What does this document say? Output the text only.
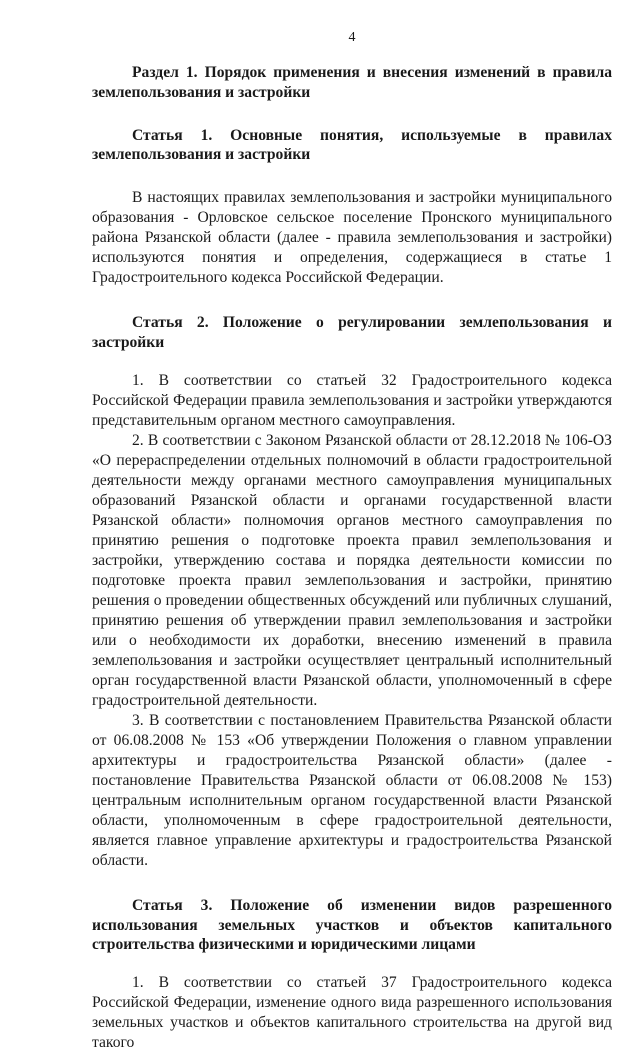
4

Раздел 1. Порядок применения и внесения изменений в правила землепользования и застройки

Статья 1. Основные понятия, используемые в правилах землепользования и застройки

В настоящих правилах землепользования и застройки муниципального образования - Орловское сельское поселение Пронского муниципального района Рязанской области (далее - правила землепользования и застройки) используются понятия и определения, содержащиеся в статье 1 Градостроительного кодекса Российской Федерации.

Статья 2. Положение о регулировании землепользования и застройки

1. В соответствии со статьей 32 Градостроительного кодекса Российской Федерации правила землепользования и застройки утверждаются представительным органом местного самоуправления.

2. В соответствии с Законом Рязанской области от 28.12.2018 № 106-ОЗ «О перераспределении отдельных полномочий в области градостроительной деятельности между органами местного самоуправления муниципальных образований Рязанской области и органами государственной власти Рязанской области» полномочия органов местного самоуправления по принятию решения о подготовке проекта правил землепользования и застройки, утверждению состава и порядка деятельности комиссии по подготовке проекта правил землепользования и застройки, принятию решения о проведении общественных обсуждений или публичных слушаний, принятию решения об утверждении правил землепользования и застройки или о необходимости их доработки, внесению изменений в правила землепользования и застройки осуществляет центральный исполнительный орган государственной власти Рязанской области, уполномоченный в сфере градостроительной деятельности.

3. В соответствии с постановлением Правительства Рязанской области от 06.08.2008 № 153 «Об утверждении Положения о главном управлении архитектуры и градостроительства Рязанской области» (далее - постановление Правительства Рязанской области от 06.08.2008 № 153) центральным исполнительным органом государственной власти Рязанской области, уполномоченным в сфере градостроительной деятельности, является главное управление архитектуры и градостроительства Рязанской области.

Статья 3. Положение об изменении видов разрешенного использования земельных участков и объектов капитального строительства физическими и юридическими лицами

1. В соответствии со статьей 37 Градостроительного кодекса Российской Федерации, изменение одного вида разрешенного использования земельных участков и объектов капитального строительства на другой вид такого
